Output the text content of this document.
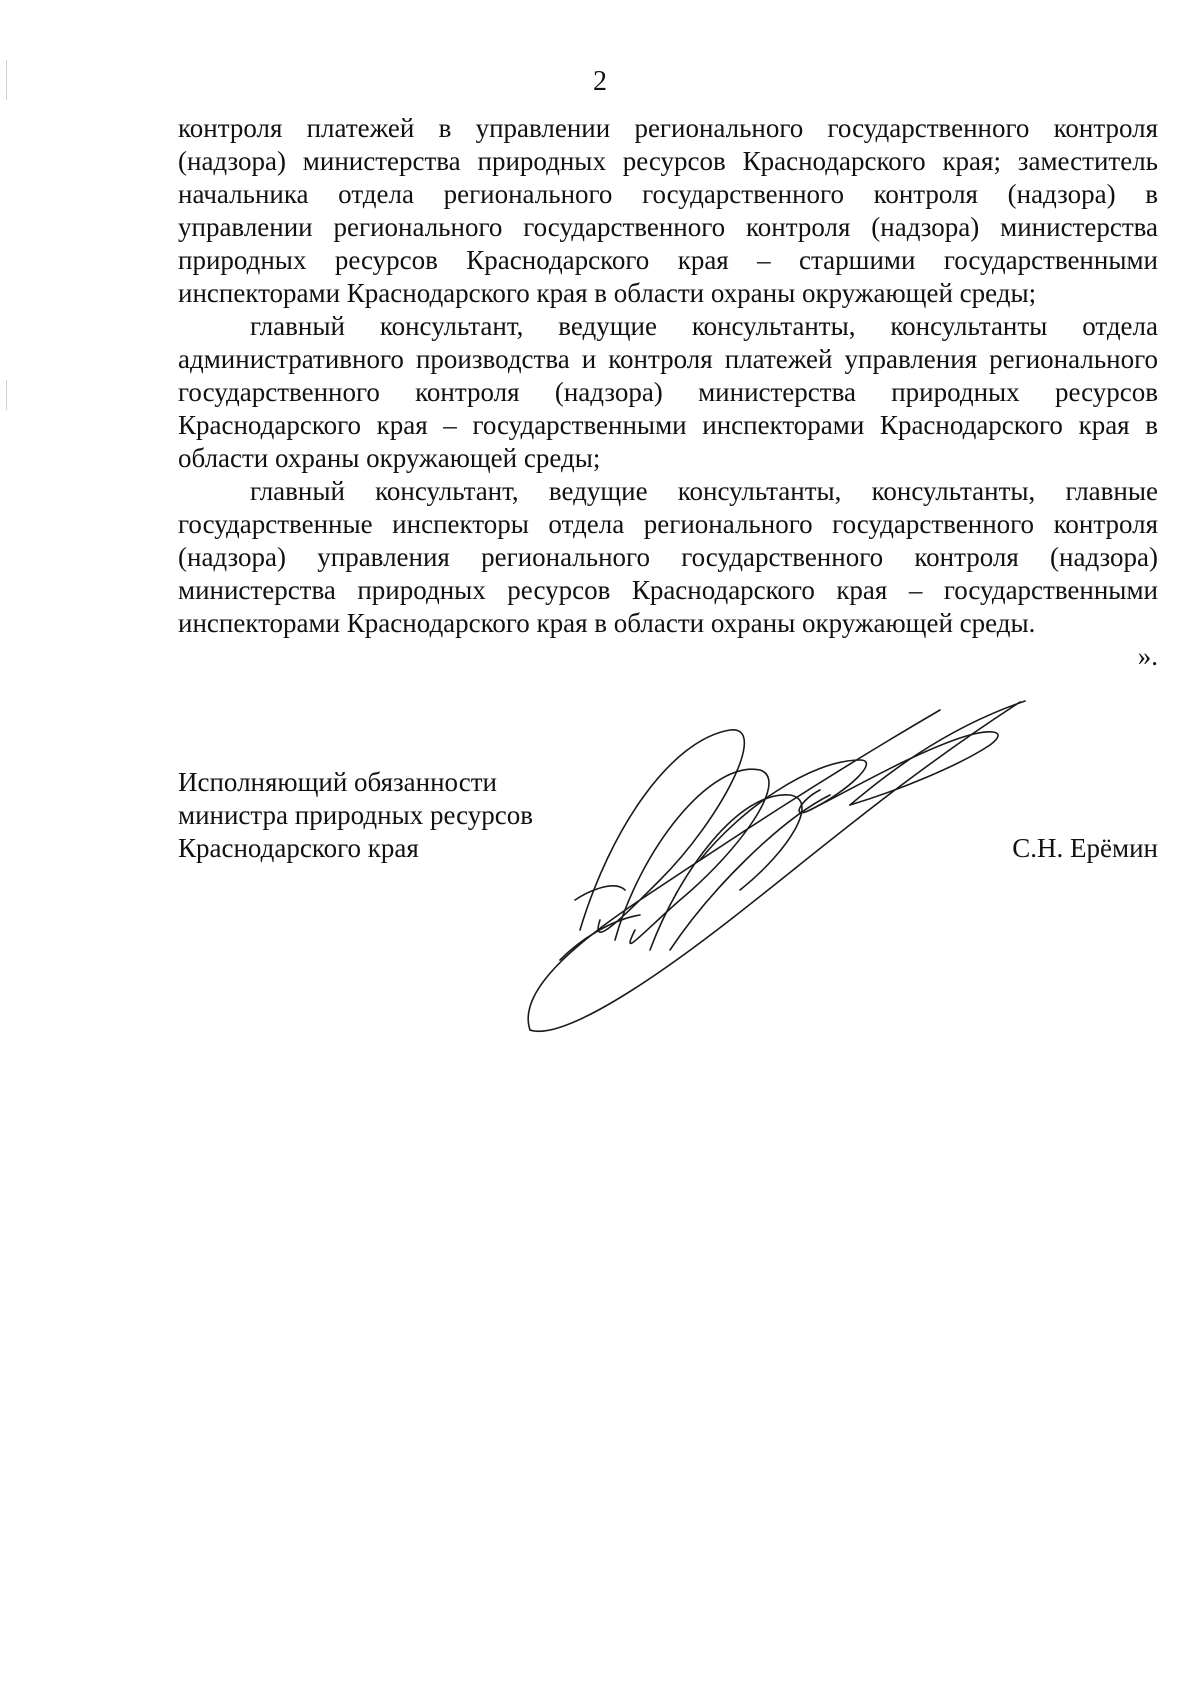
2

контроля платежей в управлении регионального государственного контроля (надзора) министерства природных ресурсов Краснодарского края; заместитель начальника отдела регионального государственного контроля (надзора) в управлении регионального государственного контроля (надзора) министерства природных ресурсов Краснодарского края – старшими государственными инспекторами Краснодарского края в области охраны окружающей среды;

главный консультант, ведущие консультанты, консультанты отдела административного производства и контроля платежей управления регионального государственного контроля (надзора) министерства природных ресурсов Краснодарского края – государственными инспекторами Краснодарского края в области охраны окружающей среды;

главный консультант, ведущие консультанты, консультанты, главные государственные инспекторы отдела регионального государственного контроля (надзора) управления регионального государственного контроля (надзора) министерства природных ресурсов Краснодарского края – государственными инспекторами Краснодарского края в области охраны окружающей среды.

».

Исполняющий обязанности
министра природных ресурсов
Краснодарского края	С.Н. Ерёмин
